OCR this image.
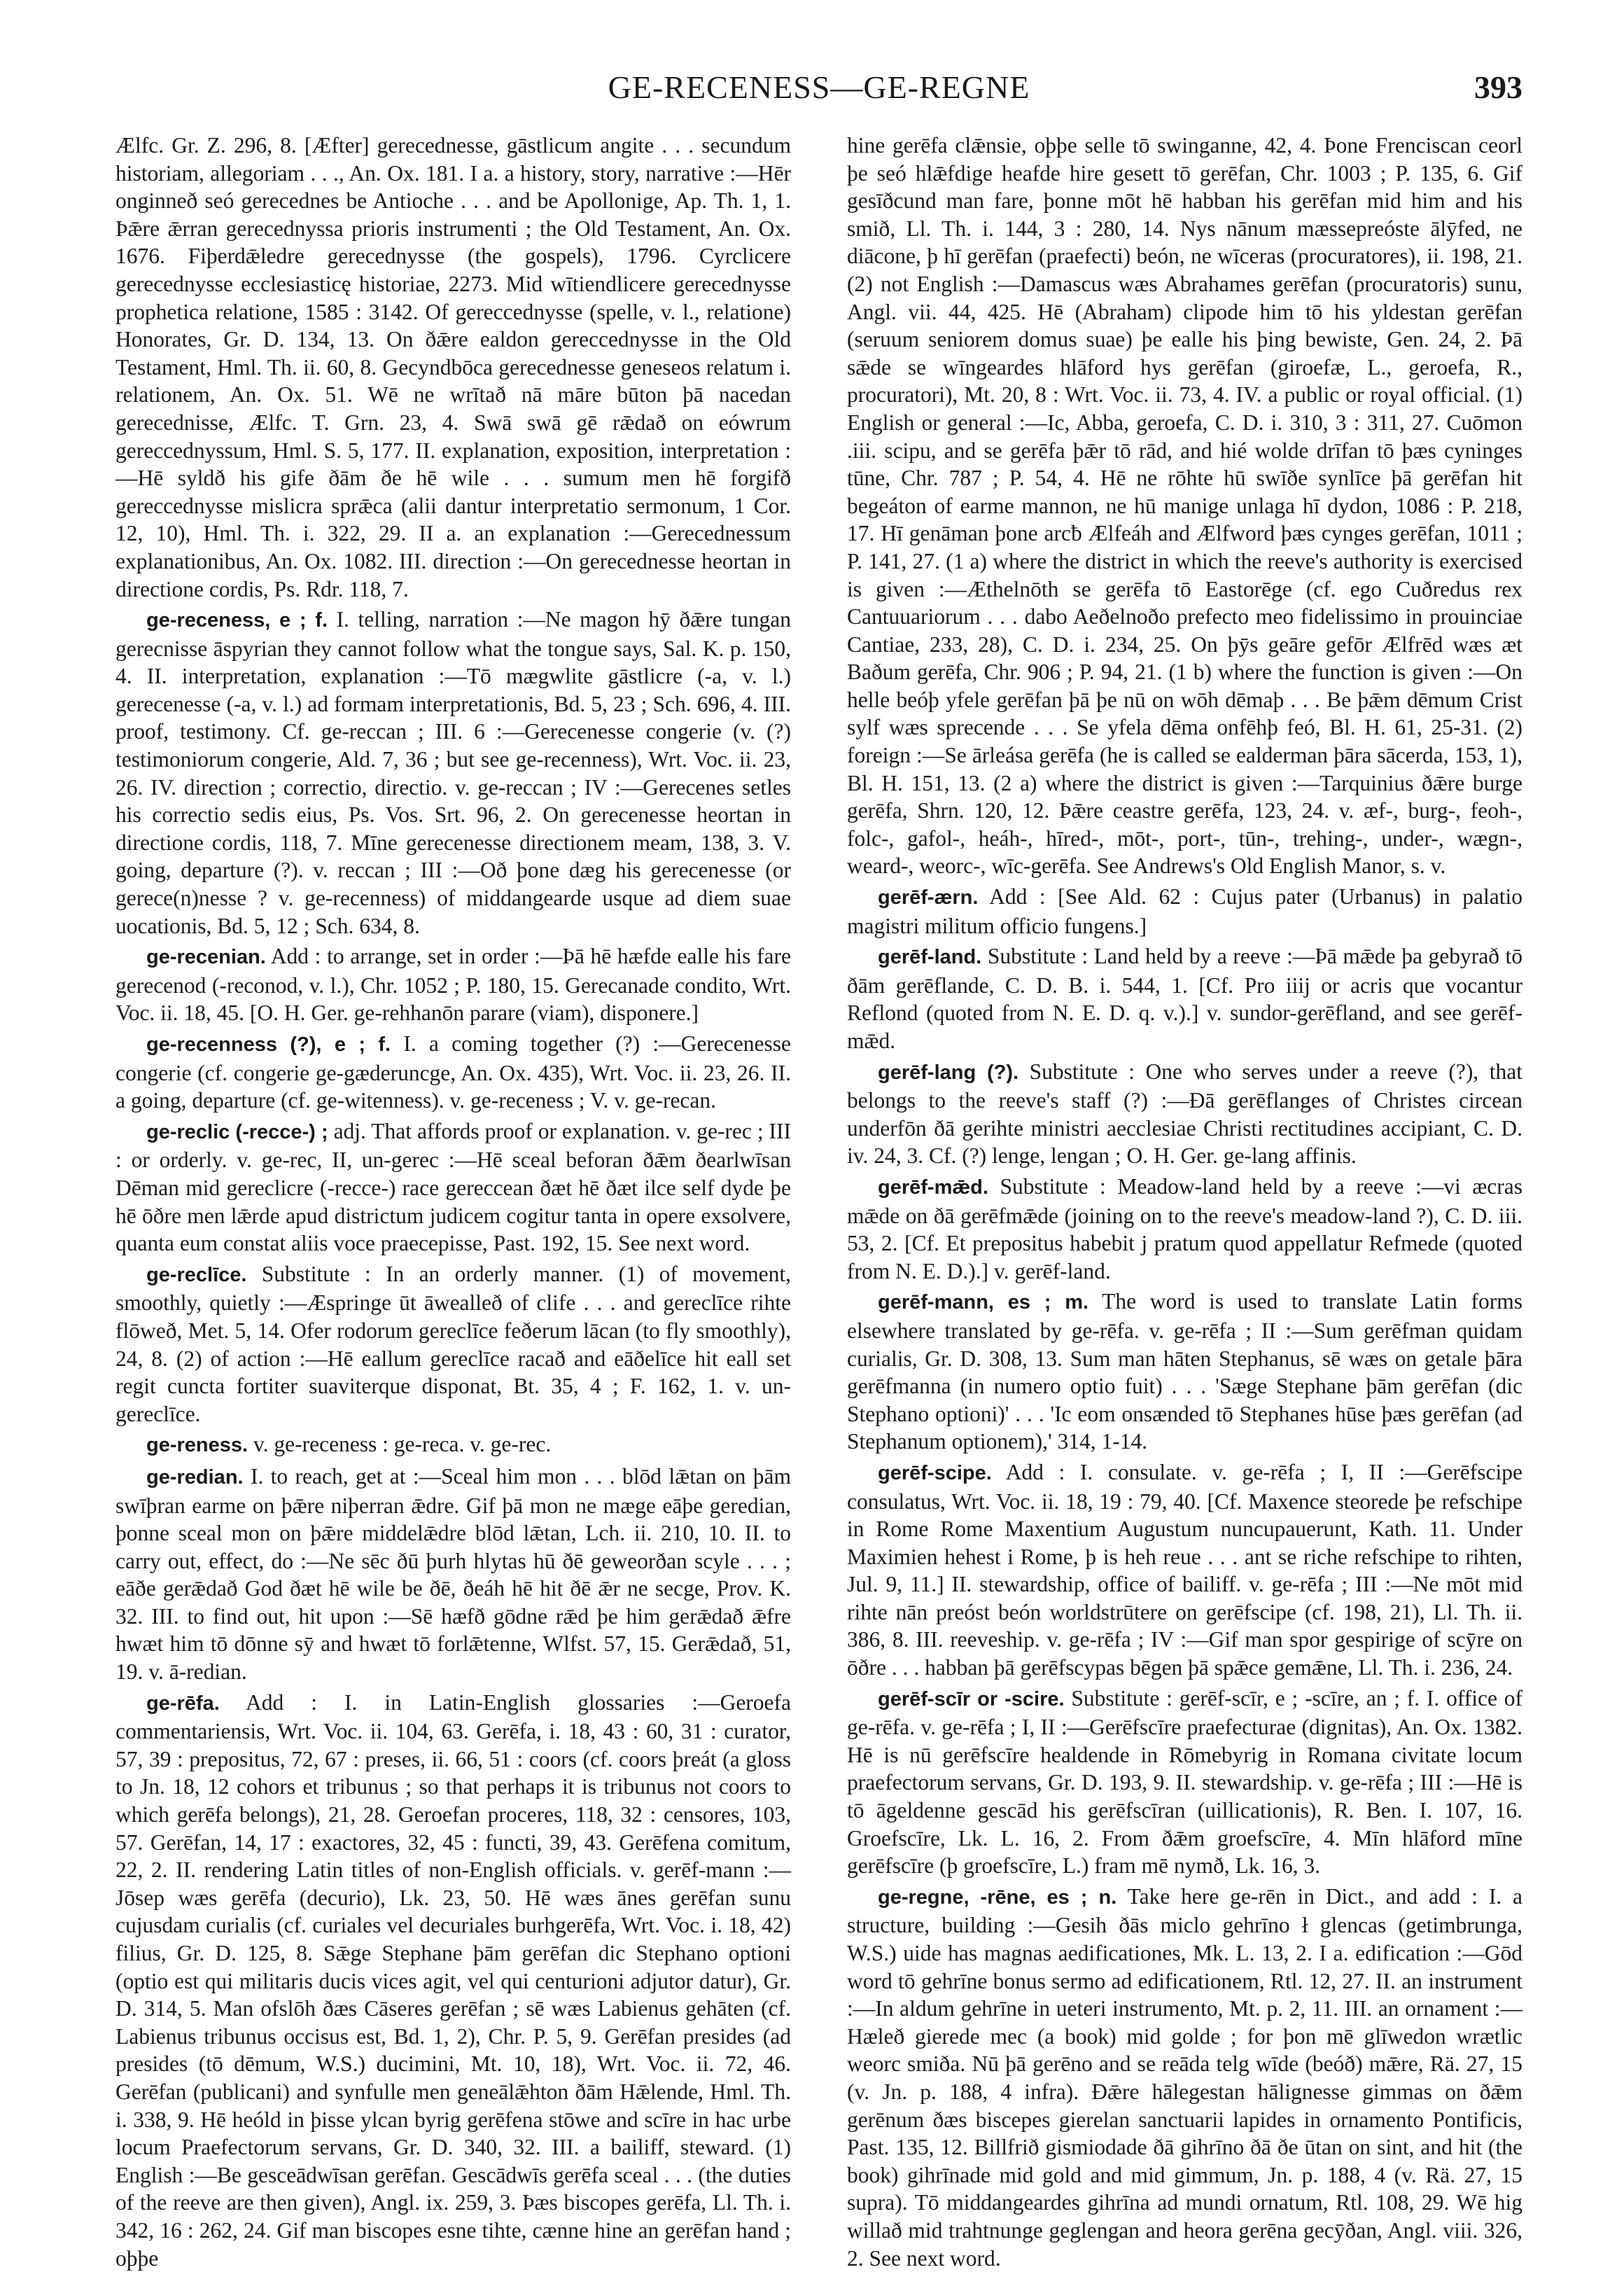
GE-RECENESS—GE-REGNE	393

Ælfc. Gr. Z. 296, 8. [Æfter] gerecednesse, gāstlicum angite . . . secundum historiam, allegoriam . . ., An. Ox. 181. I a. a history, story, narrative :—Hēr onginneð seó gerecednes be Antioche . . . and be Apollonige, Ap. Th. 1, 1. Þǣre ǣrran gerecednyssa prioris instrumenti ; the Old Testament, An. Ox. 1676. Fiþerdǣledre gerecednysse (the gospels), 1796. Cyrclicere gerecednysse ecclesiasticę historiae, 2273. Mid wītiendlicere gerecednysse prophetica relatione, 1585 : 3142. Of gereccednysse (spelle, v. l., relatione) Honorates, Gr. D. 134, 13. On ðǣre ealdon gereccednysse in the Old Testament, Hml. Th. ii. 60, 8. Gecyndbōca gerecednesse geneseos relatum i. relationem, An. Ox. 51. Wē ne wrītað nā māre būton þā nacedan gerecednisse, Ælfc. T. Grn. 23, 4. Swā swā gē rǣdað on eówrum gereccednyssum, Hml. S. 5, 177. II. explanation, exposition, interpretation :—Hē syldð his gife ðām ðe hē wile . . . sumum men hē forgifð gereccednysse mislicra sprǣca (alii dantur interpretatio sermonum, 1 Cor. 12, 10), Hml. Th. i. 322, 29. II a. an explanation :—Gerecednessum explanationibus, An. Ox. 1082. III. direction :—On gerecednesse heortan in directione cordis, Ps. Rdr. 118, 7.

ge-receness, e ; f. I. telling, narration :—Ne magon hȳ ðǣre tungan gerecnisse āspyrian they cannot follow what the tongue says, Sal. K. p. 150, 4. II. interpretation, explanation :—Tō mægwlite gāstlicre (-a, v. l.) gerecenesse (-a, v. l.) ad formam interpretationis, Bd. 5, 23 ; Sch. 696, 4. III. proof, testimony. Cf. ge-reccan ; III. 6 :—Gerecenesse congerie (v. (?) testimoniorum congerie, Ald. 7, 36 ; but see ge-recenness), Wrt. Voc. ii. 23, 26. IV. direction ; correctio, directio. v. ge-reccan ; IV :—Gerecenes setles his correctio sedis eius, Ps. Vos. Srt. 96, 2. On gerecenesse heortan in directione cordis, 118, 7. Mīne gerecenesse directionem meam, 138, 3. V. going, departure (?). v. reccan ; III :—Oð þone dæg his gerecenesse (or gerece(n)nesse ? v. ge-recenness) of middangearde usque ad diem suae uocationis, Bd. 5, 12 ; Sch. 634, 8.

ge-recenian. Add : to arrange, set in order :—Þā hē hæfde ealle his fare gerecenod (-reconod, v. l.), Chr. 1052 ; P. 180, 15. Gerecanade condito, Wrt. Voc. ii. 18, 45. [O. H. Ger. ge-rehhanōn parare (viam), disponere.]

ge-recenness (?), e ; f. I. a coming together (?) :—Gerecenesse congerie (cf. congerie ge-gæderuncge, An. Ox. 435), Wrt. Voc. ii. 23, 26. II. a going, departure (cf. ge-witenness). v. ge-receness ; V. v. ge-recan.

ge-reclic (-recce-) ; adj. That affords proof or explanation. v. ge-rec ; III : or orderly. v. ge-rec, II, un-gerec :—Hē sceal beforan ðǣm ðearlwīsan Dēman mid gereclicre (-recce-) race gereccean ðæt hē ðæt ilce self dyde þe hē ōðre men lǣrde apud districtum judicem cogitur tanta in opere exsolvere, quanta eum constat aliis voce praecepisse, Past. 192, 15. See next word.

ge-reclīce. Substitute : In an orderly manner. (1) of movement, smoothly, quietly :—Æspringe ūt āwealleð of clife . . . and gereclīce rihte flōweð, Met. 5, 14. Ofer rodorum gereclīce feðerum lācan (to fly smoothly), 24, 8. (2) of action :—Hē eallum gereclīce racað and eāðelīce hit eall set regit cuncta fortiter suaviterque disponat, Bt. 35, 4 ; F. 162, 1. v. un-gereclīce.

ge-reness. v. ge-receness : ge-reca. v. ge-rec.

ge-redian. I. to reach, get at :—Sceal him mon . . . blōd lǣtan on þām swīþran earme on þǣre niþerran ǣdre. Gif þā mon ne mæge eāþe geredian, þonne sceal mon on þǣre middelǣdre blōd lǣtan, Lch. ii. 210, 10. II. to carry out, effect, do :—Ne sēc ðū þurh hlytas hū ðē geweorðan scyle . . . ; eāðe gerǣdað God ðæt hē wile be ðē, ðeáh hē hit ðē ǣr ne secge, Prov. K. 32. III. to find out, hit upon :—Sē hæfð gōdne rǣd þe him gerǣdað ǣfre hwæt him tō dōnne sȳ and hwæt tō forlǣtenne, Wlfst. 57, 15. Gerǣdað, 51, 19. v. ā-redian.

ge-rēfa. Add : I. in Latin-English glossaries :—Geroefa commentariensis, Wrt. Voc. ii. 104, 63. Gerēfa, i. 18, 43 : 60, 31 : curator, 57, 39 : prepositus, 72, 67 : preses, ii. 66, 51 : coors (cf. coors þreát (a gloss to Jn. 18, 12 cohors et tribunus ; so that perhaps it is tribunus not coors to which gerēfa belongs), 21, 28. Geroefan proceres, 118, 32 : censores, 103, 57. Gerēfan, 14, 17 : exactores, 32, 45 : functi, 39, 43. Gerēfena comitum, 22, 2. II. rendering Latin titles of non-English officials. v. gerēf-mann :—Jōsep wæs gerēfa (decurio), Lk. 23, 50. Hē wæs ānes gerēfan sunu cujusdam curialis (cf. curiales vel decuriales burhgerēfa, Wrt. Voc. i. 18, 42) filius, Gr. D. 125, 8. Sǣge Stephane þām gerēfan dic Stephano optioni (optio est qui militaris ducis vices agit, vel qui centurioni adjutor datur), Gr. D. 314, 5. Man ofslōh ðæs Cāseres gerēfan ; sē wæs Labienus gehāten (cf. Labienus tribunus occisus est, Bd. 1, 2), Chr. P. 5, 9. Gerēfan presides (ad presides (tō dēmum, W.S.) ducimini, Mt. 10, 18), Wrt. Voc. ii. 72, 46. Gerēfan (publicani) and synfulle men geneālǣhton ðām Hǣlende, Hml. Th. i. 338, 9. Hē heóld in þisse ylcan byrig gerēfena stōwe and scīre in hac urbe locum Praefectorum servans, Gr. D. 340, 32. III. a bailiff, steward. (1) English :—Be gesceādwīsan gerēfan. Gescādwīs gerēfa sceal . . . (the duties of the reeve are then given), Angl. ix. 259, 3. Þæs biscopes gerēfa, Ll. Th. i. 342, 16 : 262, 24. Gif man biscopes esne tihte, cænne hine an gerēfan hand ; oþþe

hine gerēfa clǣnsie, oþþe selle tō swinganne, 42, 4. Þone Frenciscan ceorl þe seó hlǣfdige heafde hire gesett tō gerēfan, Chr. 1003 ; P. 135, 6. Gif gesīðcund man fare, þonne mōt hē habban his gerēfan mid him and his smið, Ll. Th. i. 144, 3 : 280, 14. Nys nānum mæssepreóste ālȳfed, ne diācone, þ hī gerēfan (praefecti) beón, ne wīceras (procuratores), ii. 198, 21. (2) not English :—Damascus wæs Abrahames gerēfan (procuratoris) sunu, Angl. vii. 44, 425. Hē (Abraham) clipode him tō his yldestan gerēfan (seruum seniorem domus suae) þe ealle his þing bewiste, Gen. 24, 2. Þā sǣde se wīngeardes hlāford hys gerēfan (giroefæ, L., geroefa, R., procuratori), Mt. 20, 8 : Wrt. Voc. ii. 73, 4. IV. a public or royal official. (1) English or general :—Ic, Abba, geroefa, C. D. i. 310, 3 : 311, 27. Cuōmon .iii. scipu, and se gerēfa þǣr tō rād, and hié wolde drīfan tō þæs cyninges tūne, Chr. 787 ; P. 54, 4. Hē ne rōhte hū swīðe synlīce þā gerēfan hit begeáton of earme mannon, ne hū manige unlaga hī dydon, 1086 : P. 218, 17. Hī genāman þone arcƀ Ælfeáh and Ælfword þæs cynges gerēfan, 1011 ; P. 141, 27. (1 a) where the district in which the reeve's authority is exercised is given :—Æthelnōth se gerēfa tō Eastorēge (cf. ego Cuðredus rex Cantuuariorum . . . dabo Aeðelnoðo prefecto meo fidelissimo in prouinciae Cantiae, 233, 28), C. D. i. 234, 25. On þȳs geāre gefōr Ælfrēd wæs æt Baðum gerēfa, Chr. 906 ; P. 94, 21. (1 b) where the function is given :—On helle beóþ yfele gerēfan þā þe nū on wōh dēmaþ . . . Be þǣm dēmum Crist sylf wæs sprecende . . . Se yfela dēma onfēhþ feó, Bl. H. 61, 25-31. (2) foreign :—Se ārleása gerēfa (he is called se ealderman þāra sācerda, 153, 1), Bl. H. 151, 13. (2 a) where the district is given :—Tarquinius ðǣre burge gerēfa, Shrn. 120, 12. Þǣre ceastre gerēfa, 123, 24. v. æf-, burg-, feoh-, folc-, gafol-, heáh-, hīred-, mōt-, port-, tūn-, trehing-, under-, wægn-, weard-, weorc-, wīc-gerēfa. See Andrews's Old English Manor, s. v.

gerēf-ærn. Add : [See Ald. 62 : Cujus pater (Urbanus) in palatio magistri militum officio fungens.]

gerēf-land. Substitute : Land held by a reeve :—Þā mǣde þa gebyrað tō ðām gerēflande, C. D. B. i. 544, 1. [Cf. Pro iiij or acris que vocantur Reflond (quoted from N. E. D. q. v.).] v. sundor-gerēfland, and see gerēf-mǣd.

gerēf-lang (?). Substitute : One who serves under a reeve (?), that belongs to the reeve's staff (?) :—Ðā gerēflanges of Christes circean underfōn ðā gerihte ministri aecclesiae Christi rectitudines accipiant, C. D. iv. 24, 3. Cf. (?) lenge, lengan ; O. H. Ger. ge-lang affinis.

gerēf-mǣd. Substitute : Meadow-land held by a reeve :—vi æcras mǣde on ðā gerēfmǣde (joining on to the reeve's meadow-land ?), C. D. iii. 53, 2. [Cf. Et prepositus habebit j pratum quod appellatur Refmede (quoted from N. E. D.).] v. gerēf-land.

gerēf-mann, es ; m. The word is used to translate Latin forms elsewhere translated by ge-rēfa. v. ge-rēfa ; II :—Sum gerēfman quidam curialis, Gr. D. 308, 13. Sum man hāten Stephanus, sē wæs on getale þāra gerēfmanna (in numero optio fuit) . . . 'Sæge Stephane þām gerēfan (dic Stephano optioni)' . . . 'Ic eom onsænded tō Stephanes hūse þæs gerēfan (ad Stephanum optionem),' 314, 1-14.

gerēf-scipe. Add : I. consulate. v. ge-rēfa ; I, II :—Gerēfscipe consulatus, Wrt. Voc. ii. 18, 19 : 79, 40. [Cf. Maxence steorede þe refschipe in Rome Rome Maxentium Augustum nuncupauerunt, Kath. 11. Under Maximien hehest i Rome, þ is heh reue . . . ant se riche refschipe to rihten, Jul. 9, 11.] II. stewardship, office of bailiff. v. ge-rēfa ; III :—Ne mōt mid rihte nān preóst beón worldstrūtere on gerēfscipe (cf. 198, 21), Ll. Th. ii. 386, 8. III. reeveship. v. ge-rēfa ; IV :—Gif man spor gespirige of scȳre on ōðre . . . habban þā gerēfscypas bēgen þā spǣce gemǣne, Ll. Th. i. 236, 24.

gerēf-scīr or -scire. Substitute : gerēf-scīr, e ; -scīre, an ; f. I. office of ge-rēfa. v. ge-rēfa ; I, II :—Gerēfscīre praefecturae (dignitas), An. Ox. 1382. Hē is nū gerēfscīre healdende in Rōmebyrig in Romana civitate locum praefectorum servans, Gr. D. 193, 9. II. stewardship. v. ge-rēfa ; III :—Hē is tō āgeldenne gescād his gerēfscīran (uillicationis), R. Ben. I. 107, 16. Groefscīre, Lk. L. 16, 2. From ðǣm groefscīre, 4. Mīn hlāford mīne gerēfscīre (þ groefscīre, L.) fram mē nymð, Lk. 16, 3.

ge-regne, -rēne, es ; n. Take here ge-rēn in Dict., and add : I. a structure, building :—Gesih ðās miclo gehrīno ł glencas (getimbrunga, W.S.) uide has magnas aedificationes, Mk. L. 13, 2. I a. edification :—Gōd word tō gehrīne bonus sermo ad edificationem, Rtl. 12, 27. II. an instrument :—In aldum gehrīne in ueteri instrumento, Mt. p. 2, 11. III. an ornament :—Hæleð gierede mec (a book) mid golde ; for þon mē glīwedon wrætlic weorc smiða. Nū þā gerēno and se reāda telg wīde (beóð) mǣre, Rä. 27, 15 (v. Jn. p. 188, 4 infra). Ðǣre hālegestan hālignesse gimmas on ðǣm gerēnum ðæs biscepes gierelan sanctuarii lapides in ornamento Pontificis, Past. 135, 12. Billfrið gismiodade ðā gihrīno ðā ðe ūtan on sint, and hit (the book) gihrīnade mid gold and mid gimmum, Jn. p. 188, 4 (v. Rä. 27, 15 supra). Tō middangeardes gihrīna ad mundi ornatum, Rtl. 108, 29. Wē hig willað mid trahtnunge geglengan and heora gerēna gecȳðan, Angl. viii. 326, 2. See next word.
